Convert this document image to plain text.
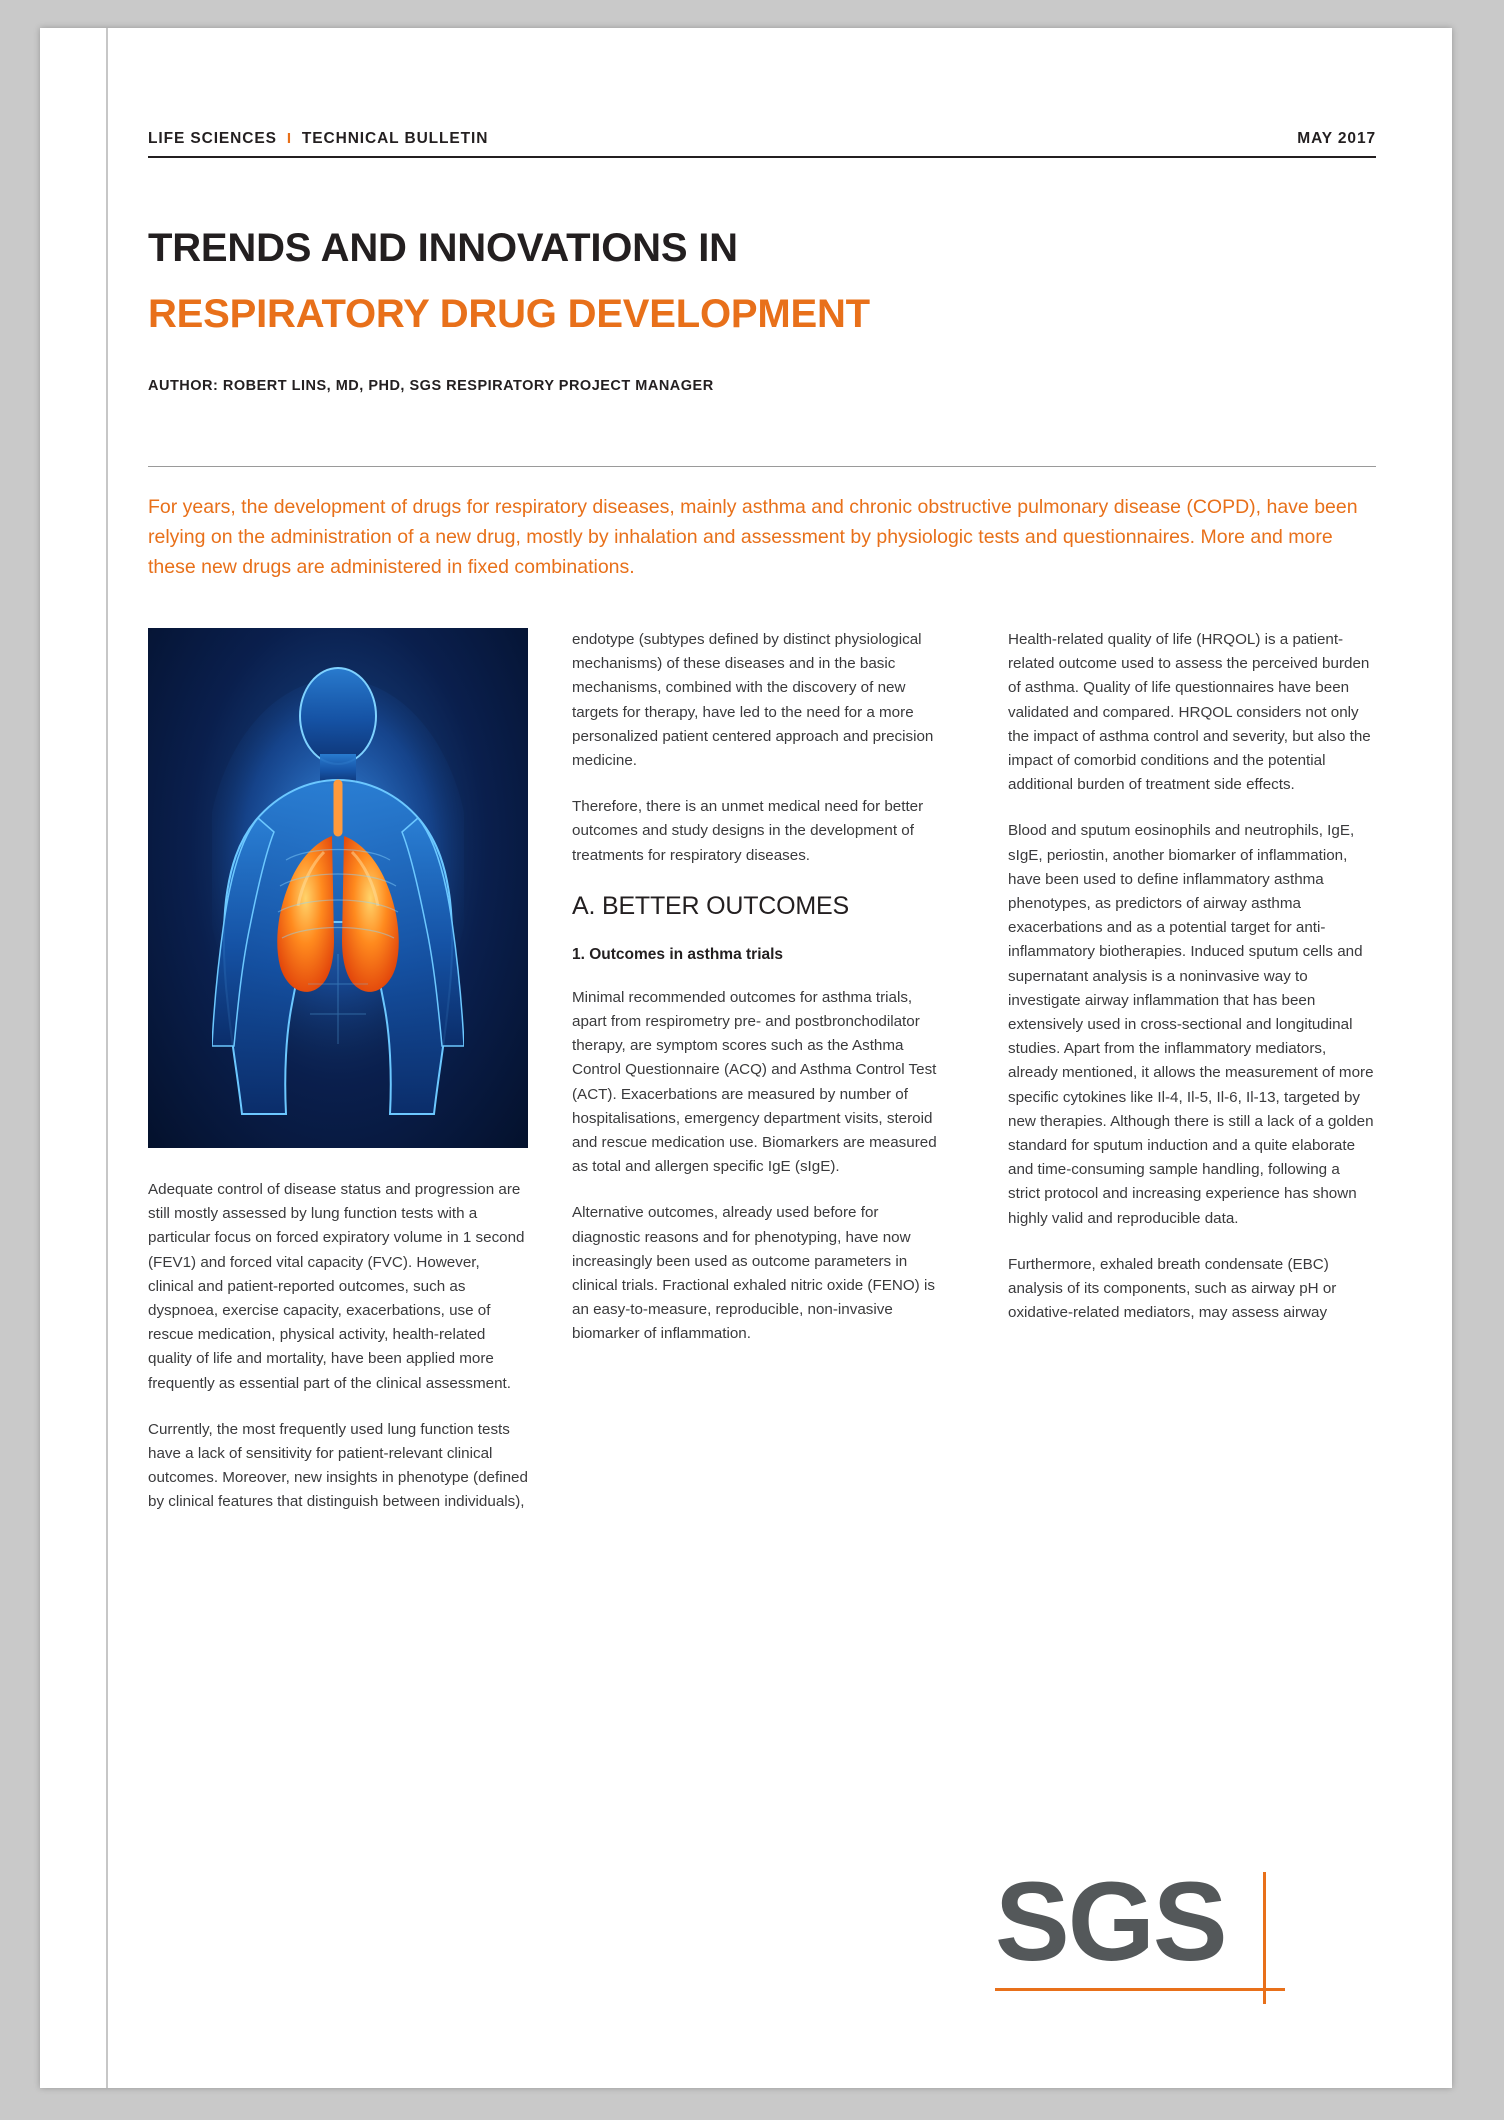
LIFE SCIENCES I TECHNICAL BULLETIN	MAY 2017
TRENDS AND INNOVATIONS IN
RESPIRATORY DRUG DEVELOPMENT
AUTHOR: ROBERT LINS, MD, PHD, SGS RESPIRATORY PROJECT MANAGER
For years, the development of drugs for respiratory diseases, mainly asthma and chronic obstructive pulmonary disease (COPD), have been relying on the administration of a new drug, mostly by inhalation and assessment by physiologic tests and questionnaires. More and more these new drugs are administered in fixed combinations.

Adequate control of disease status and progression are still mostly assessed by lung function tests with a particular focus on forced expiratory volume in 1 second (FEV1) and forced vital capacity (FVC). However, clinical and patient-reported outcomes, such as dyspnoea, exercise capacity, exacerbations, use of rescue medication, physical activity, health-related quality of life and mortality, have been applied more frequently as essential part of the clinical assessment.

Currently, the most frequently used lung function tests have a lack of sensitivity for patient-relevant clinical outcomes. Moreover, new insights in phenotype (defined by clinical features that distinguish between individuals),

endotype (subtypes defined by distinct physiological mechanisms) of these diseases and in the basic mechanisms, combined with the discovery of new targets for therapy, have led to the need for a more personalized patient centered approach and precision medicine.

Therefore, there is an unmet medical need for better outcomes and study designs in the development of treatments for respiratory diseases.

A. BETTER OUTCOMES
1. Outcomes in asthma trials

Minimal recommended outcomes for asthma trials, apart from respirometry pre- and postbronchodilator therapy, are symptom scores such as the Asthma Control Questionnaire (ACQ) and Asthma Control Test (ACT). Exacerbations are measured by number of hospitalisations, emergency department visits, steroid and rescue medication use. Biomarkers are measured as total and allergen specific IgE (sIgE).

Alternative outcomes, already used before for diagnostic reasons and for phenotyping, have now increasingly been used as outcome parameters in clinical trials. Fractional exhaled nitric oxide (FENO) is an easy-to-measure, reproducible, non-invasive biomarker of inflammation.

Health-related quality of life (HRQOL) is a patient-related outcome used to assess the perceived burden of asthma. Quality of life questionnaires have been validated and compared. HRQOL considers not only the impact of asthma control and severity, but also the impact of comorbid conditions and the potential additional burden of treatment side effects.

Blood and sputum eosinophils and neutrophils, IgE, sIgE, periostin, another biomarker of inflammation, have been used to define inflammatory asthma phenotypes, as predictors of airway asthma exacerbations and as a potential target for anti-inflammatory biotherapies. Induced sputum cells and supernatant analysis is a noninvasive way to investigate airway inflammation that has been extensively used in cross-sectional and longitudinal studies. Apart from the inflammatory mediators, already mentioned, it allows the measurement of more specific cytokines like Il-4, Il-5, Il-6, Il-13, targeted by new therapies. Although there is still a lack of a golden standard for sputum induction and a quite elaborate and time-consuming sample handling, following a strict protocol and increasing experience has shown highly valid and reproducible data.

Furthermore, exhaled breath condensate (EBC) analysis of its components, such as airway pH or oxidative-related mediators, may assess airway

SGS
